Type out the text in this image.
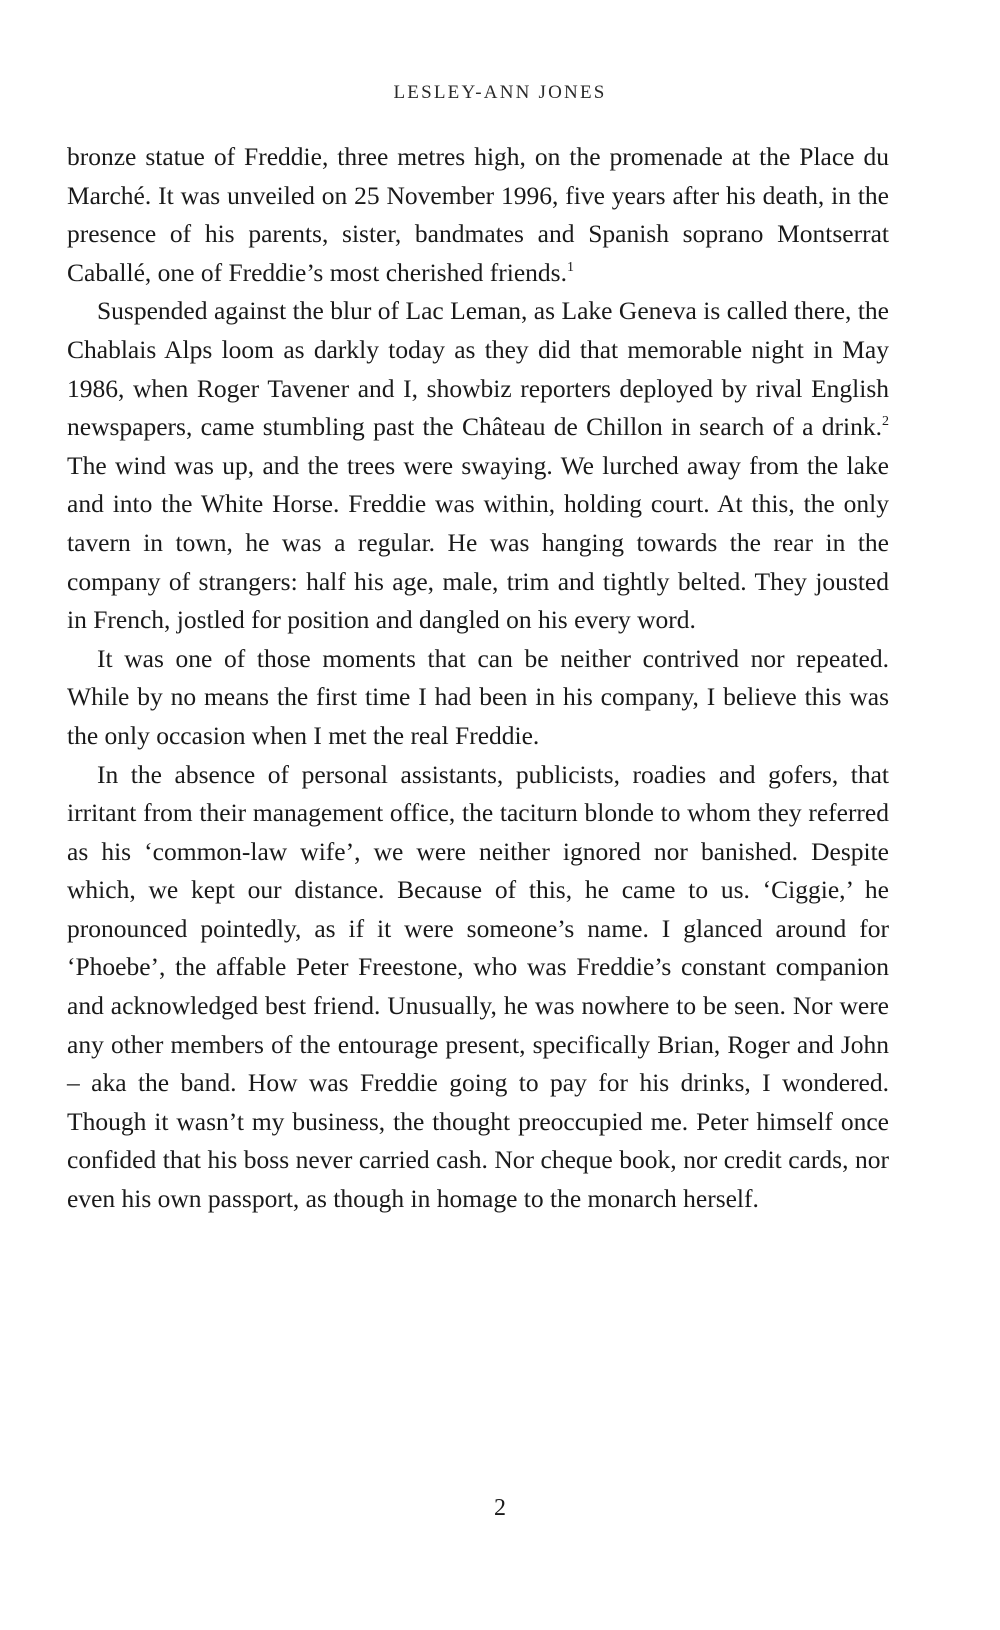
LESLEY-ANN JONES

bronze statue of Freddie, three metres high, on the promenade at the Place du Marché. It was unveiled on 25 November 1996, five years after his death, in the presence of his parents, sister, bandmates and Spanish soprano Montserrat Caballé, one of Freddie’s most cherished friends.$^1$

Suspended against the blur of Lac Leman, as Lake Geneva is called there, the Chablais Alps loom as darkly today as they did that memorable night in May 1986, when Roger Tavener and I, showbiz reporters deployed by rival English newspapers, came stumbling past the Château de Chillon in search of a drink.$^2$ The wind was up, and the trees were swaying. We lurched away from the lake and into the White Horse. Freddie was within, holding court. At this, the only tavern in town, he was a regular. He was hanging towards the rear in the company of strangers: half his age, male, trim and tightly belted. They jousted in French, jostled for position and dangled on his every word.

It was one of those moments that can be neither contrived nor repeated. While by no means the first time I had been in his company, I believe this was the only occasion when I met the real Freddie.

In the absence of personal assistants, publicists, roadies and gofers, that irritant from their management office, the taciturn blonde to whom they referred as his ‘common-law wife’, we were neither ignored nor banished. Despite which, we kept our distance. Because of this, he came to us. ‘Ciggie,’ he pronounced pointedly, as if it were someone’s name. I glanced around for ‘Phoebe’, the affable Peter Freestone, who was Freddie’s constant companion and acknowledged best friend. Unusually, he was nowhere to be seen. Nor were any other members of the entourage present, specifically Brian, Roger and John – aka the band. How was Freddie going to pay for his drinks, I wondered. Though it wasn’t my business, the thought preoccupied me. Peter himself once confided that his boss never carried cash. Nor cheque book, nor credit cards, nor even his own passport, as though in homage to the monarch herself.

2
